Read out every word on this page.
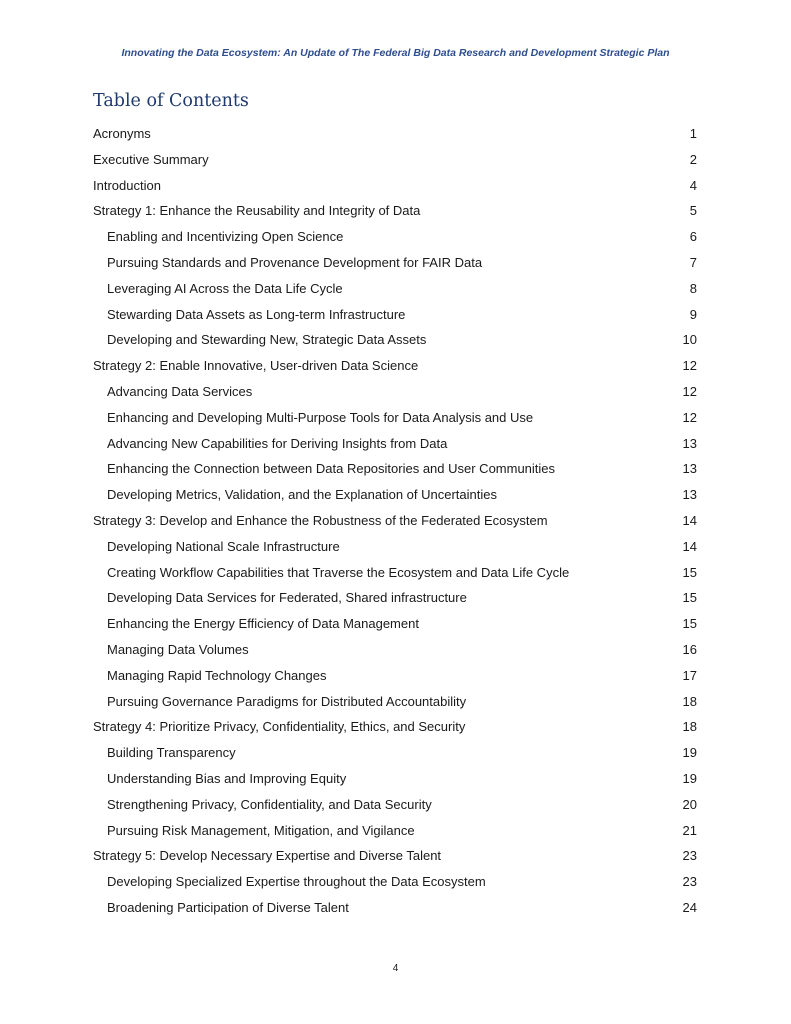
Innovating the Data Ecosystem: An Update of The Federal Big Data Research and Development Strategic Plan
Table of Contents
Acronyms	1
Executive Summary	2
Introduction	4
Strategy 1: Enhance the Reusability and Integrity of Data	5
Enabling and Incentivizing Open Science	6
Pursuing Standards and Provenance Development for FAIR Data	7
Leveraging AI Across the Data Life Cycle	8
Stewarding Data Assets as Long-term Infrastructure	9
Developing and Stewarding New, Strategic Data Assets	10
Strategy 2: Enable Innovative, User-driven Data Science	12
Advancing Data Services	12
Enhancing and Developing Multi-Purpose Tools for Data Analysis and Use	12
Advancing New Capabilities for Deriving Insights from Data	13
Enhancing the Connection between Data Repositories and User Communities	13
Developing Metrics, Validation, and the Explanation of Uncertainties	13
Strategy 3: Develop and Enhance the Robustness of the Federated Ecosystem	14
Developing National Scale Infrastructure	14
Creating Workflow Capabilities that Traverse the Ecosystem and Data Life Cycle	15
Developing Data Services for Federated, Shared infrastructure	15
Enhancing the Energy Efficiency of Data Management	15
Managing Data Volumes	16
Managing Rapid Technology Changes	17
Pursuing Governance Paradigms for Distributed Accountability	18
Strategy 4: Prioritize Privacy, Confidentiality, Ethics, and Security	18
Building Transparency	19
Understanding Bias and Improving Equity	19
Strengthening Privacy, Confidentiality, and Data Security	20
Pursuing Risk Management, Mitigation, and Vigilance	21
Strategy 5: Develop Necessary Expertise and Diverse Talent	23
Developing Specialized Expertise throughout the Data Ecosystem	23
Broadening Participation of Diverse Talent	24
4
